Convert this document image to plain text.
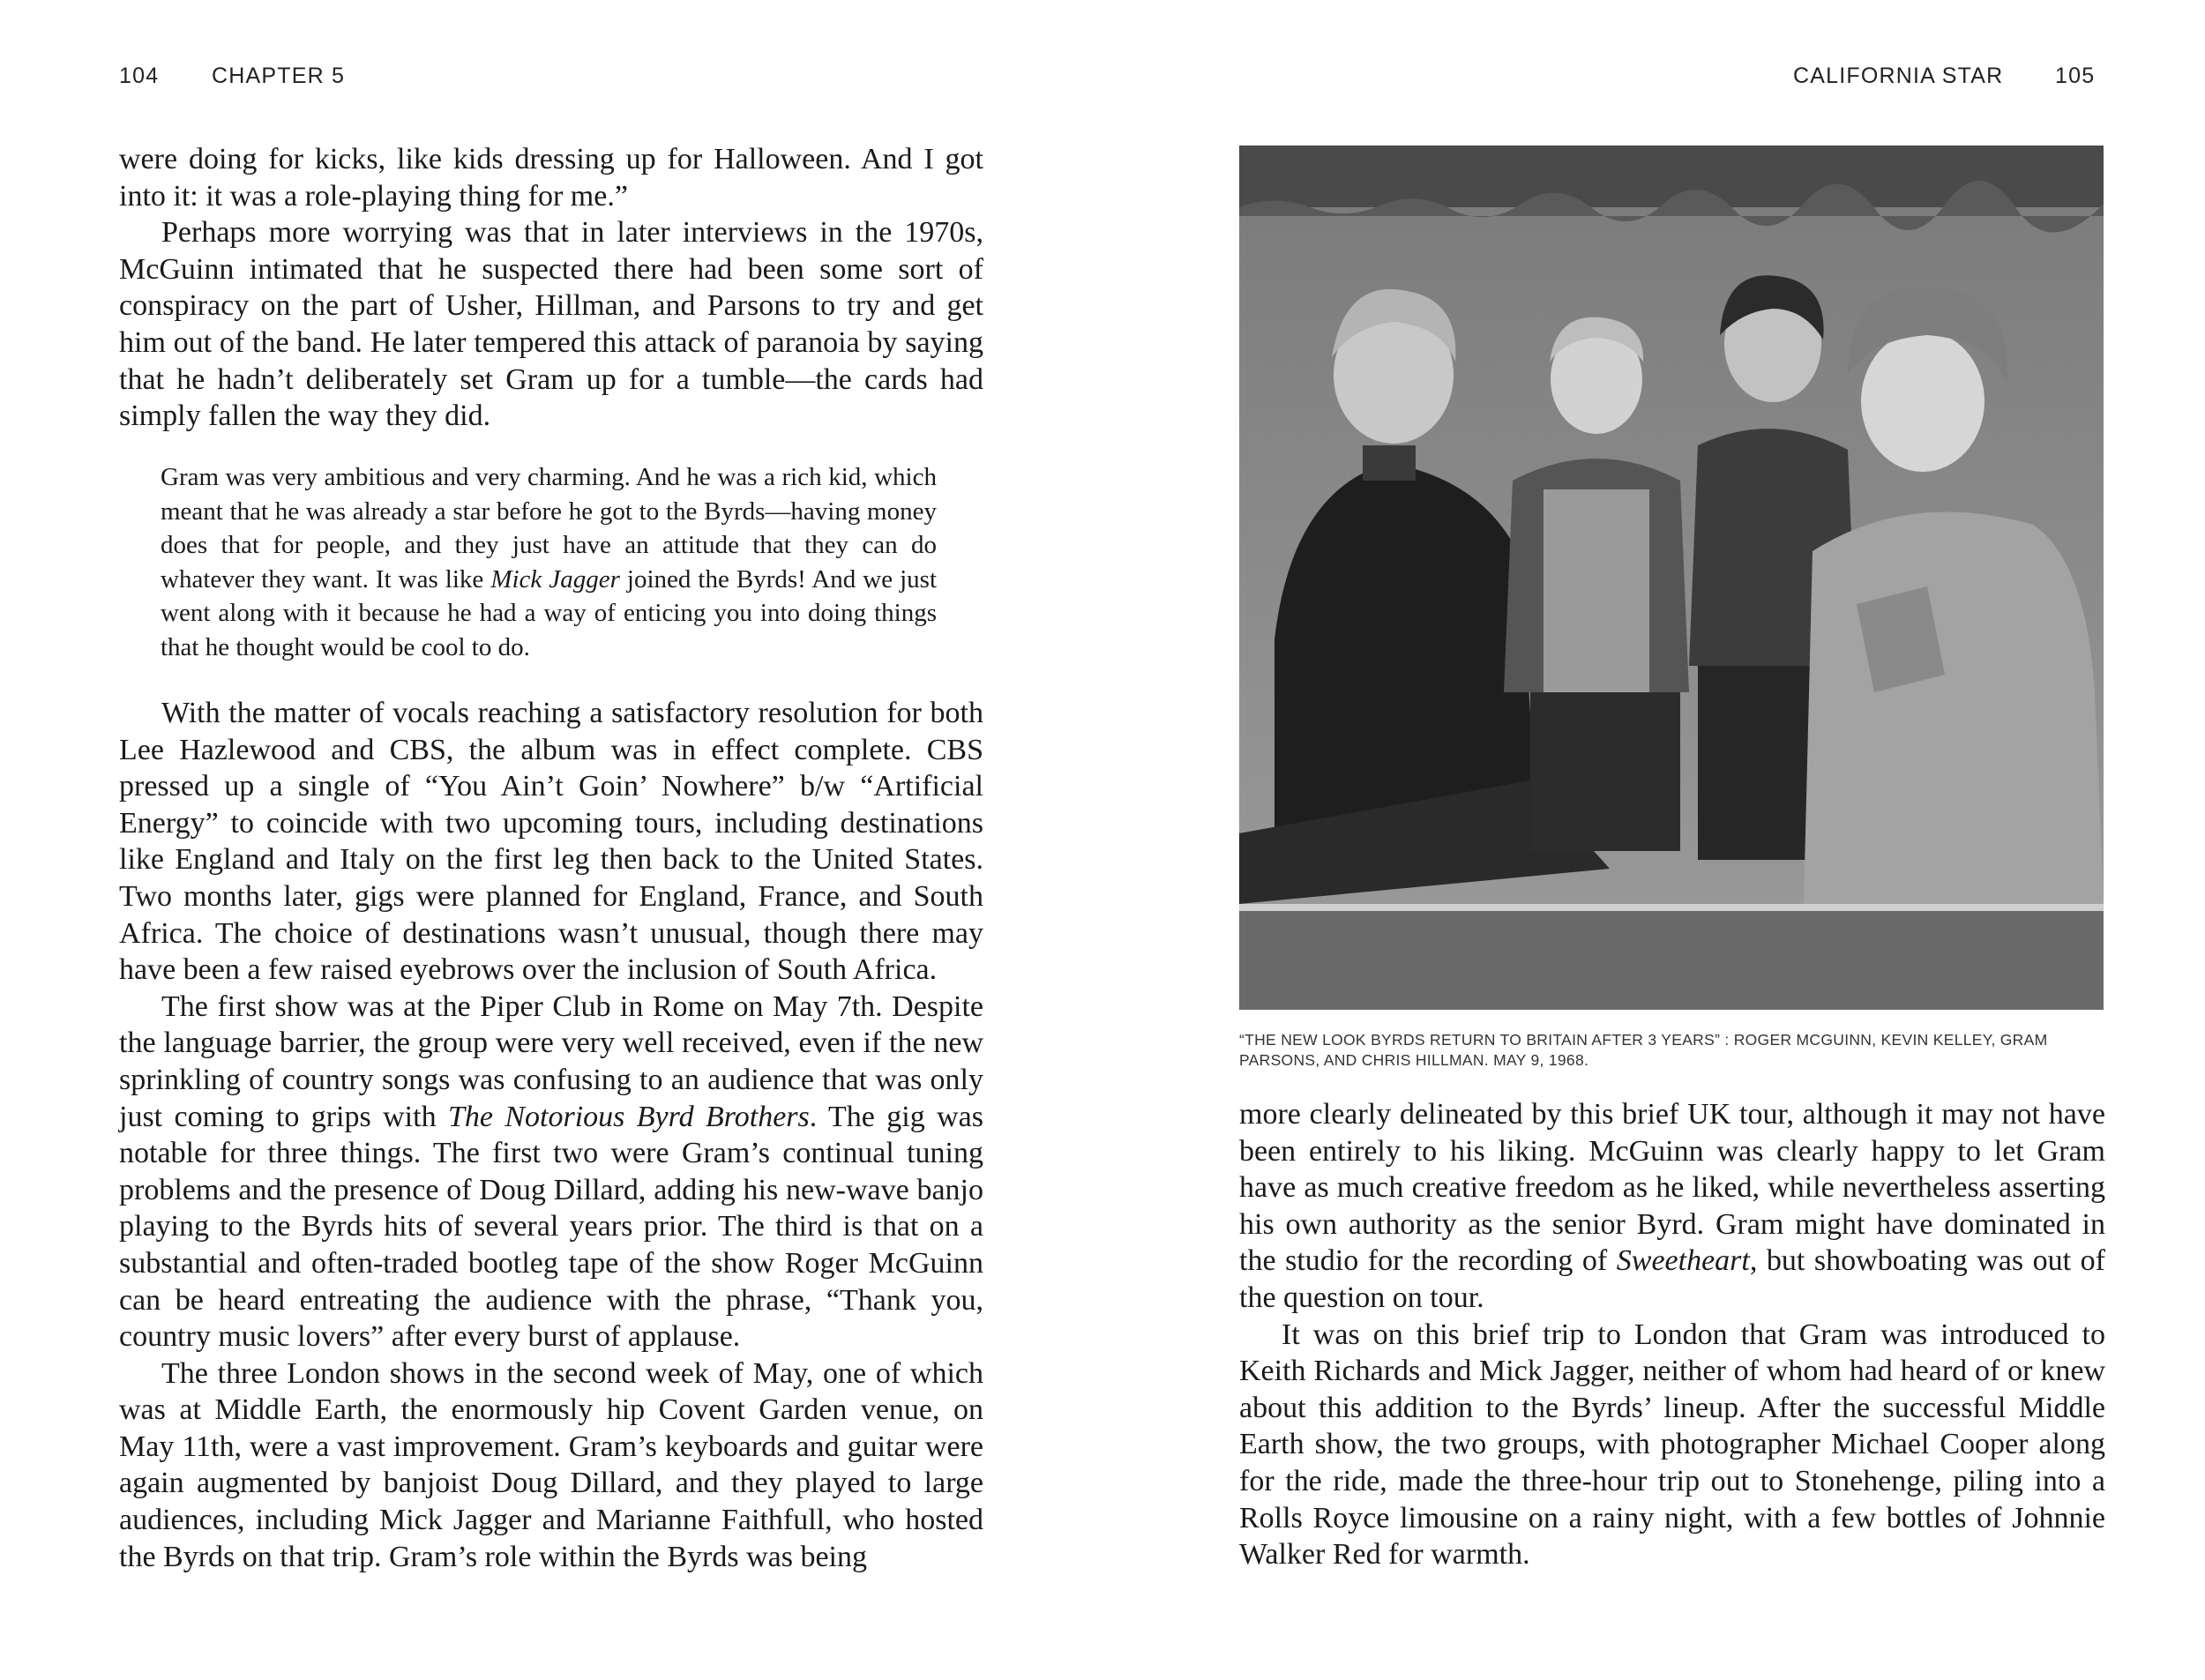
104 CHAPTER 5

were doing for kicks, like kids dressing up for Halloween. And I got into it: it was a role-playing thing for me.”

Perhaps more worrying was that in later interviews in the 1970s, McGuinn intimated that he suspected there had been some sort of conspiracy on the part of Usher, Hillman, and Parsons to try and get him out of the band. He later tempered this attack of paranoia by saying that he hadn’t deliberately set Gram up for a tumble—the cards had simply fallen the way they did.

Gram was very ambitious and very charming. And he was a rich kid, which meant that he was already a star before he got to the Byrds—having money does that for people, and they just have an attitude that they can do whatever they want. It was like Mick Jagger joined the Byrds! And we just went along with it because he had a way of enticing you into doing things that he thought would be cool to do.

With the matter of vocals reaching a satisfactory resolution for both Lee Hazlewood and CBS, the album was in effect complete. CBS pressed up a single of “You Ain’t Goin’ Nowhere” b/w “Artificial Energy” to coincide with two upcoming tours, including destinations like England and Italy on the first leg then back to the United States. Two months later, gigs were planned for England, France, and South Africa. The choice of destinations wasn’t unusual, though there may have been a few raised eyebrows over the inclusion of South Africa.

The first show was at the Piper Club in Rome on May 7th. Despite the language barrier, the group were very well received, even if the new sprinkling of country songs was confusing to an audience that was only just coming to grips with The Notorious Byrd Brothers. The gig was notable for three things. The first two were Gram’s continual tuning problems and the presence of Doug Dillard, adding his new-wave banjo playing to the Byrds hits of several years prior. The third is that on a substantial and often-traded bootleg tape of the show Roger McGuinn can be heard entreating the audience with the phrase, “Thank you, country music lovers” after every burst of applause.

The three London shows in the second week of May, one of which was at Middle Earth, the enormously hip Covent Garden venue, on May 11th, were a vast improvement. Gram’s keyboards and guitar were again augmented by banjoist Doug Dillard, and they played to large audiences, including Mick Jagger and Marianne Faithfull, who hosted the Byrds on that trip. Gram’s role within the Byrds was being

CALIFORNIA STAR 105

“THE NEW LOOK BYRDS RETURN TO BRITAIN AFTER 3 YEARS” : ROGER MCGUINN, KEVIN KELLEY, GRAM PARSONS, AND CHRIS HILLMAN. MAY 9, 1968.

more clearly delineated by this brief UK tour, although it may not have been entirely to his liking. McGuinn was clearly happy to let Gram have as much creative freedom as he liked, while nevertheless asserting his own authority as the senior Byrd. Gram might have dominated in the studio for the recording of Sweetheart, but showboating was out of the question on tour.

It was on this brief trip to London that Gram was introduced to Keith Richards and Mick Jagger, neither of whom had heard of or knew about this addition to the Byrds’ lineup. After the successful Middle Earth show, the two groups, with photographer Michael Cooper along for the ride, made the three-hour trip out to Stonehenge, piling into a Rolls Royce limousine on a rainy night, with a few bottles of Johnnie Walker Red for warmth.
